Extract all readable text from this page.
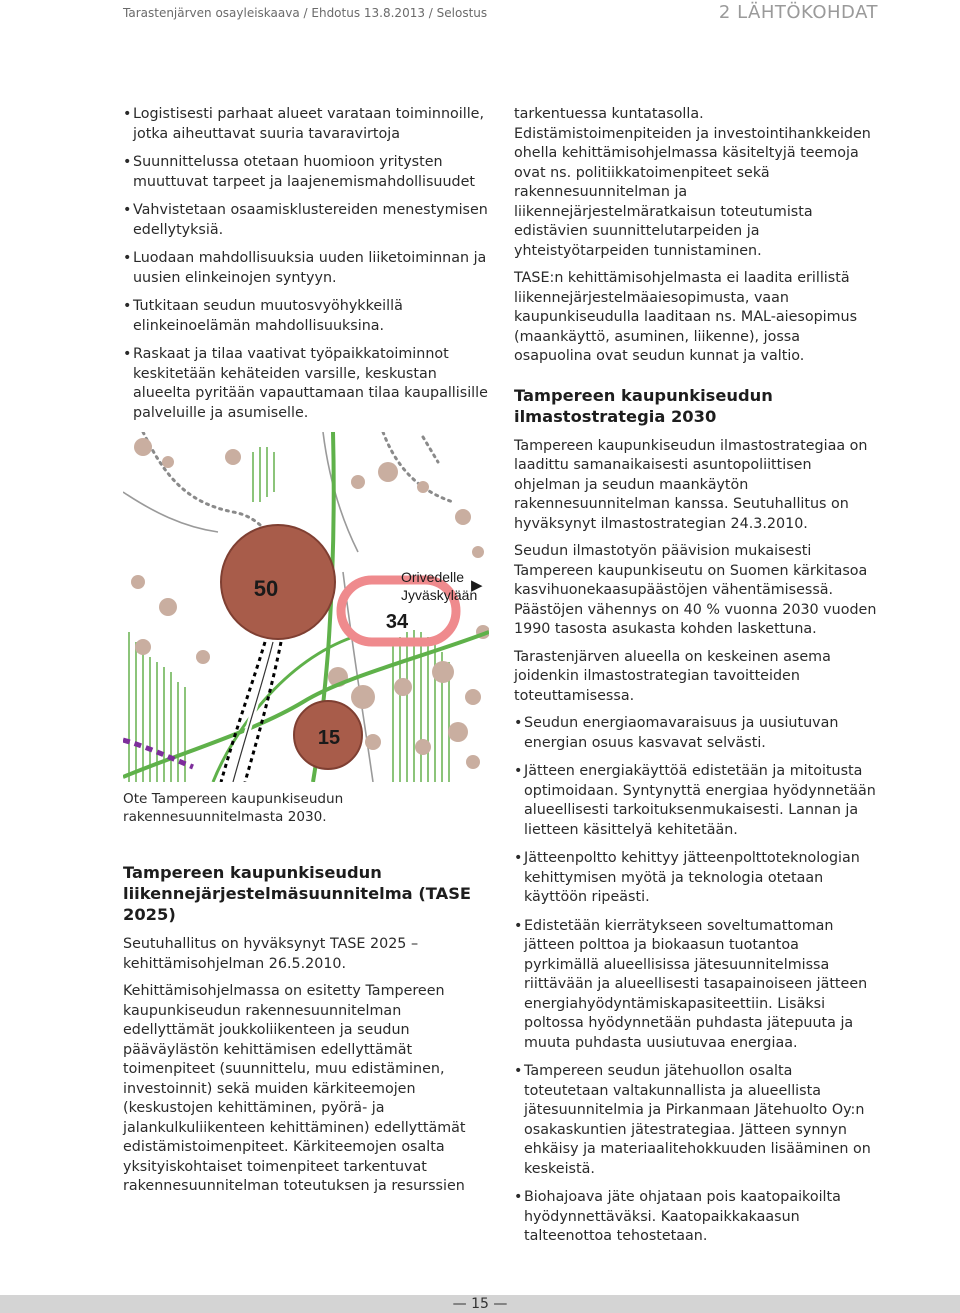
Tarastenjärven osayleiskaava / Ehdotus 13.8.2013 / Selostus	2 LÄHTÖKOHDAT
• Logistisesti parhaat alueet varataan toiminnoille, jotka aiheuttavat suuria tavaravirtoja
• Suunnittelussa otetaan huomioon yritysten muuttuvat tarpeet ja laajenemismahdollisuudet
• Vahvistetaan osaamisklustereiden menestymisen edellytyksiä.
• Luodaan mahdollisuuksia uuden liiketoiminnan ja uusien elinkeinojen syntyyn.
• Tutkitaan seudun muutosvyöhykkeillä elinkeinoelämän mahdollisuuksina.
• Raskaat ja tilaa vaativat työpaikkatoiminnot keskitetään kehäteiden varsille, keskustan alueelta pyritään vapauttamaan tilaa kaupallisille palveluille ja asumiselle.
50
34
15
Orivedelle
Jyväskylään
▶
Ote Tampereen kaupunkiseudun rakennesuunnitelmasta 2030.
Tampereen kaupunkiseudun liikennejärjestelmäsuunnitelma (TASE 2025)

Seutuhallitus on hyväksynyt TASE 2025 –kehittämisohjelman 26.5.2010.

Kehittämisohjelmassa on esitetty Tampereen kaupunkiseudun rakennesuunnitelman edellyttämät joukkoliikenteen ja seudun pääväylästön kehittämisen edellyttämät toimenpiteet (suunnittelu, muu edistäminen, investoinnit) sekä muiden kärkiteemojen (keskustojen kehittäminen, pyörä- ja jalankulkuliikenteen kehittäminen) edellyttämät edistämistoimenpiteet. Kärkiteemojen osalta yksityiskohtaiset toimenpiteet tarkentuvat rakennesuunnitelman toteutuksen ja resurssien

tarkentuessa kuntatasolla. Edistämistoimenpiteiden ja investointihankkeiden ohella kehittämisohjelmassa käsiteltyjä teemoja ovat ns. politiikkatoimenpiteet sekä rakennesuunnitelman ja liikennejärjestelmäratkaisun toteutumista edistävien suunnittelutarpeiden ja yhteistyötarpeiden tunnistaminen.

TASE:n kehittämisohjelmasta ei laadita erillistä liikennejärjestelmäaiesopimusta, vaan kaupunkiseudulla laaditaan ns. MAL-aiesopimus (maankäyttö, asuminen, liikenne), jossa osapuolina ovat seudun kunnat ja valtio.

Tampereen kaupunkiseudun ilmastostrategia 2030

Tampereen kaupunkiseudun ilmastostrategiaa on laadittu samanaikaisesti asuntopoliittisen ohjelman ja seudun maankäytön rakennesuunnitelman kanssa. Seutuhallitus on hyväksynyt ilmastostrategian 24.3.2010.

Seudun ilmastotyön päävision mukaisesti Tampereen kaupunkiseutu on Suomen kärkitasoa kasvihuonekaasupäästöjen vähentämisessä. Päästöjen vähennys on 40 % vuonna 2030 vuoden 1990 tasosta asukasta kohden laskettuna.

Tarastenjärven alueella on keskeinen asema joidenkin ilmastostrategian tavoitteiden toteuttamisessa.

• Seudun energiaomavaraisuus ja uusiutuvan energian osuus kasvavat selvästi.
• Jätteen energiakäyttöä edistetään ja mitoitusta optimoidaan. Syntynyttä energiaa hyödynnetään alueellisesti tarkoituksenmukaisesti. Lannan ja lietteen käsittelyä kehitetään.
• Jätteenpoltto kehittyy jätteenpolttoteknologian kehittymisen myötä ja teknologia otetaan käyttöön ripeästi.
• Edistetään kierrätykseen soveltumattoman jätteen polttoa ja biokaasun tuotantoa pyrkimällä alueellisissa jätesuunnitelmissa riittävään ja alueellisesti tasapainoiseen jätteen energiahyödyntämiskapasiteettiin. Lisäksi poltossa hyödynnetään puhdasta jätepuuta ja muuta puhdasta uusiutuvaa energiaa.
• Tampereen seudun jätehuollon osalta toteutetaan valtakunnallista ja alueellista jätesuunnitelmia ja Pirkanmaan Jätehuolto Oy:n osakaskuntien jätestrategiaa. Jätteen synnyn ehkäisy ja materiaalitehokkuuden lisääminen on keskeistä.
• Biohajoava jäte ohjataan pois kaatopaikoilta hyödynnettäväksi. Kaatopaikkakaasun talteenottoa tehostetaan.
— 15 —
